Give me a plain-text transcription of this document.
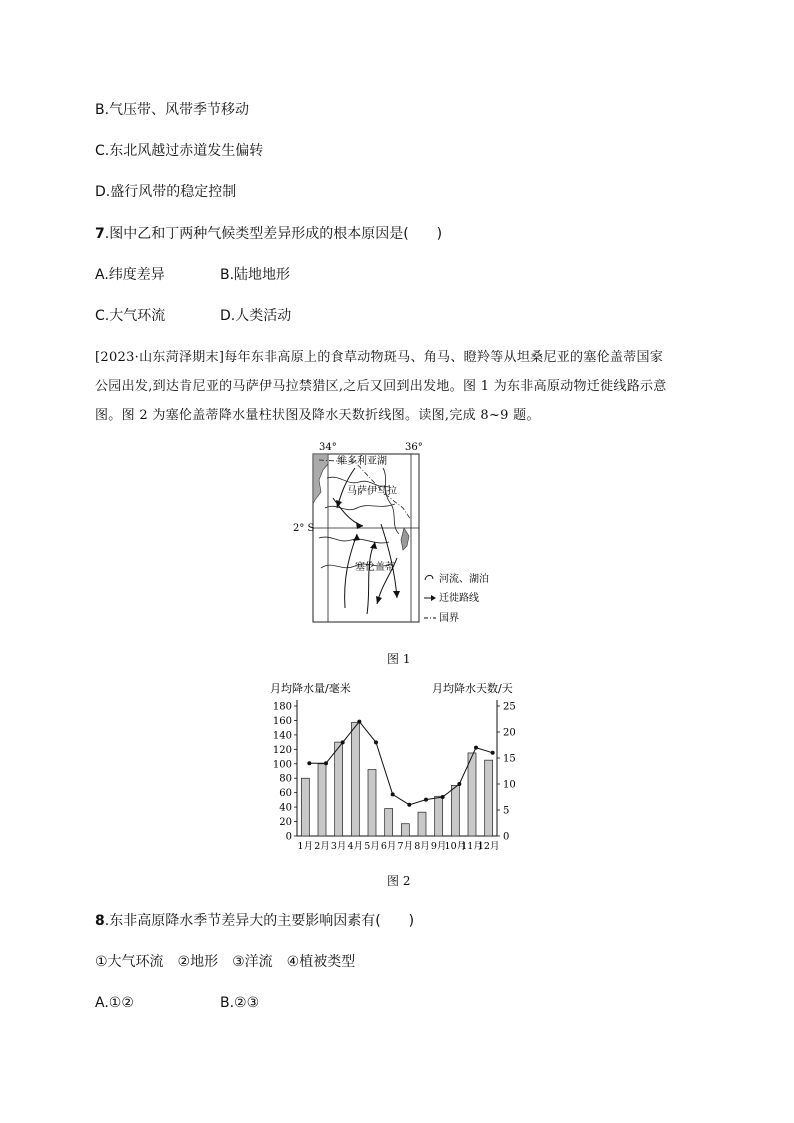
B.气压带、风带季节移动
C.东北风越过赤道发生偏转
D.盛行风带的稳定控制
7.图中乙和丁两种气候类型差异形成的根本原因是(　　)
A.纬度差异	B.陆地地形
C.大气环流	D.人类活动
[2023·山东菏泽期末]每年东非高原上的食草动物斑马、角马、瞪羚等从坦桑尼亚的塞伦盖蒂国家
公园出发,到达肯尼亚的马萨伊马拉禁猎区,之后又回到出发地。图 1 为东非高原动物迁徙线路示意
图。图 2 为塞伦盖蒂降水量柱状图及降水天数折线图。读图,完成 8~9 题。
34°	36°
2° S
维多利亚湖
马萨伊马拉
塞伦盖蒂
河流、湖泊
迁徙路线
国界
图 1
月均降水量/毫米	月均降水天数/天
0
20
40
60
80
100
120
140
160
180
0
5
10
15
20
25
1月 2月 3月 4月 5月 6月 7月 8月 9月
10月
11月
12月
图 2
8.东非高原降水季节差异大的主要影响因素有(　　)
①大气环流　②地形　③洋流　④植被类型
A.①②	B.②③
